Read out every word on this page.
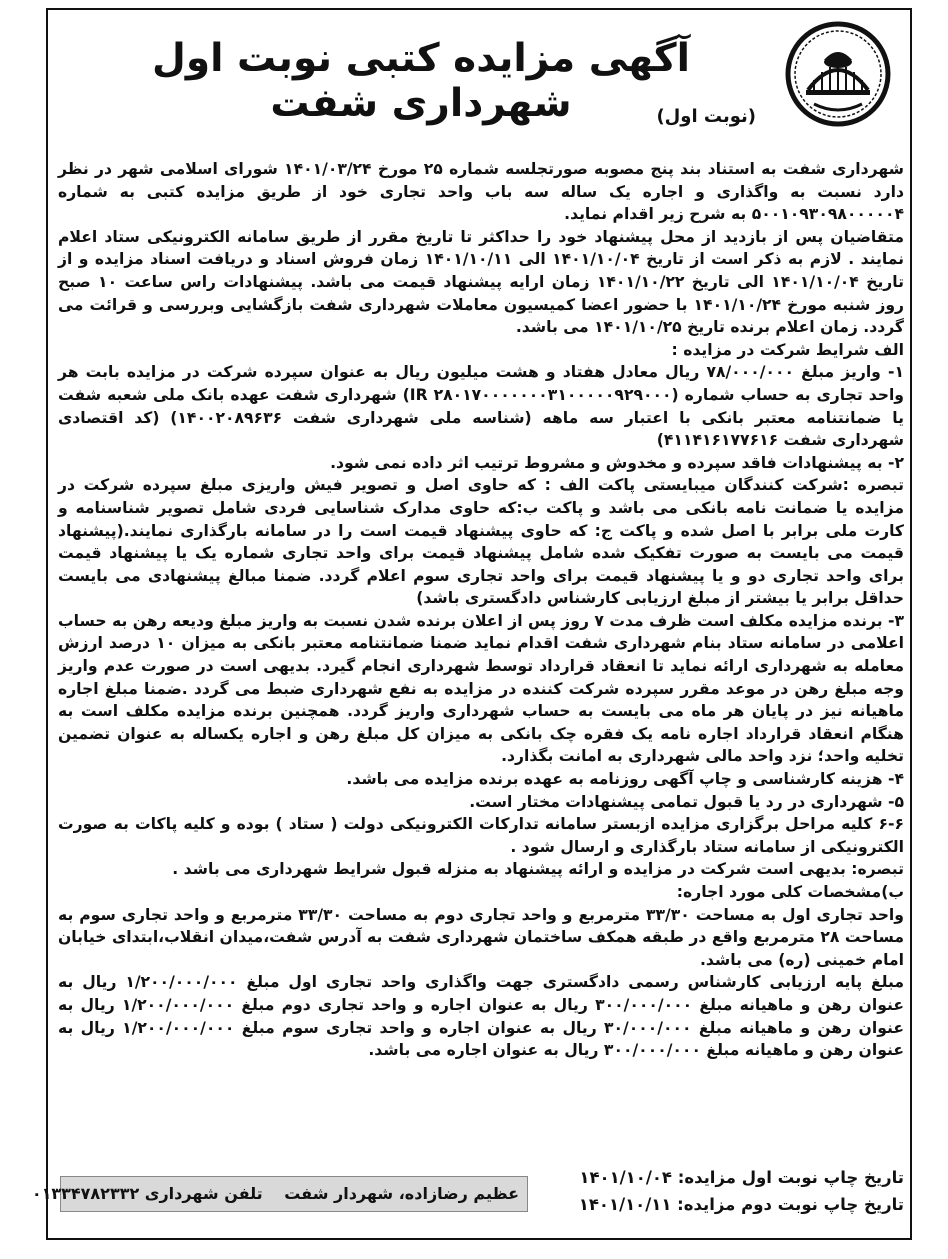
آگهی مزایده کتبی نوبت اول شهرداری شفت	(نوبت اول)

شهرداری شفت به استناد بند پنج مصوبه صورتجلسه شماره ۲۵ مورخ ۱۴۰۱/۰۳/۲۴ شورای اسلامی شهر در نظر دارد نسبت به واگذاری و اجاره یک ساله سه باب واحد تجاری خود از طریق مزایده کتبی به شماره ۵۰۰۱۰۹۳۰۹۸۰۰۰۰۰۴ به شرح زیر اقدام نماید.

متقاضیان پس از بازدید از محل پیشنهاد خود را حداکثر تا تاریخ مقرر از طریق سامانه الکترونیکی ستاد اعلام نمایند . لازم به ذکر است از تاریخ ۱۴۰۱/۱۰/۰۴ الی ۱۴۰۱/۱۰/۱۱ زمان فروش اسناد و دریافت اسناد مزایده و از تاریخ ۱۴۰۱/۱۰/۰۴ الی تاریخ ۱۴۰۱/۱۰/۲۲ زمان ارایه پیشنهاد قیمت می باشد. پیشنهادات راس ساعت ۱۰ صبح روز شنبه مورخ ۱۴۰۱/۱۰/۲۴ با حضور اعضا کمیسیون معاملات شهرداری شفت بازگشایی وبررسی و قرائت می گردد. زمان اعلام برنده تاریخ ۱۴۰۱/۱۰/۲۵ می باشد.

الف شرایط شرکت در مزایده :

۱- واریز مبلغ ۷۸/۰۰۰/۰۰۰ ریال معادل هفتاد و هشت میلیون ریال به عنوان سپرده شرکت در مزایده بابت هر واحد تجاری به حساب شماره (IR ۲۸۰۱۷۰۰۰۰۰۰۰۳۱۰۰۰۰۰۹۲۹۰۰۰) شهرداری شفت عهده بانک ملی شعبه شفت یا ضمانتنامه معتبر بانکی با اعتبار سه ماهه (شناسه ملی شهرداری شفت ۱۴۰۰۲۰۸۹۶۳۶) (کد اقتصادی شهرداری شفت ۴۱۱۴۱۶۱۷۷۶۱۶)

۲- به پیشنهادات فاقد سپرده و مخدوش و مشروط ترتیب اثر داده نمی شود.

تبصره :شرکت کنندگان میبایستی پاکت الف : که حاوی اصل و تصویر فیش واریزی مبلغ سپرده شرکت در مزایده یا ضمانت نامه بانکی می باشد و پاکت ب:که حاوی مدارک شناسایی فردی شامل تصویر شناسنامه و کارت ملی برابر با اصل شده و پاکت ج: که حاوی پیشنهاد قیمت است را در سامانه بارگذاری نمایند.(پیشنهاد قیمت می بایست به صورت تفکیک شده شامل پیشنهاد قیمت برای واحد تجاری شماره یک یا پیشنهاد قیمت برای واحد تجاری دو و یا پیشنهاد قیمت برای واحد تجاری سوم اعلام گردد. ضمنا مبالغ پیشنهادی می بایست حداقل برابر یا بیشتر از مبلغ ارزیابی کارشناس دادگستری باشد)

۳- برنده مزایده مکلف است ظرف مدت ۷ روز پس از اعلان برنده شدن نسبت به واریز مبلغ ودیعه رهن به حساب اعلامی در سامانه ستاد بنام شهرداری شفت اقدام نماید ضمنا ضمانتنامه معتبر بانکی به میزان ۱۰ درصد ارزش معامله به شهرداری ارائه نماید تا انعقاد قرارداد توسط شهرداری انجام گیرد. بدیهی است در صورت عدم واریز وجه مبلغ رهن در موعد مقرر سپرده شرکت کننده در مزایده به نفع شهرداری ضبط می گردد .ضمنا مبلغ اجاره ماهیانه نیز در پایان هر ماه می بایست به حساب شهرداری واریز گردد. همچنین برنده مزایده مکلف است به هنگام انعقاد قرارداد اجاره نامه یک فقره چک بانکی به میزان کل مبلغ رهن و اجاره یکساله به عنوان تضمین تخلیه واحد؛ نزد واحد مالی شهرداری به امانت بگذارد.

۴- هزینه کارشناسی و چاپ آگهی روزنامه به عهده برنده مزایده می باشد.

۵- شهرداری در رد یا قبول تمامی پیشنهادات مختار است.

۶-۶ کلیه مراحل برگزاری مزایده ازبستر سامانه تدارکات الکترونیکی دولت ( ستاد ) بوده و کلیه پاکات به صورت الکترونیکی از سامانه ستاد بارگذاری و ارسال شود .

تبصره: بدیهی است شرکت در مزایده و ارائه پیشنهاد به منزله قبول شرایط شهرداری می باشد .

ب)مشخصات کلی مورد اجاره:

واحد تجاری اول به مساحت ۳۳/۳۰ مترمربع و واحد تجاری دوم به مساحت ۳۳/۳۰ مترمربع و واحد تجاری سوم به مساحت ۲۸ مترمربع واقع در طبقه همکف ساختمان شهرداری شفت به آدرس شفت،میدان انقلاب،ابتدای خیابان امام خمینی (ره) می باشد.

مبلغ پایه ارزیابی کارشناس رسمی دادگستری جهت واگذاری واحد تجاری اول مبلغ ۱/۲۰۰/۰۰۰/۰۰۰ ریال به عنوان رهن و ماهیانه مبلغ ۳۰۰/۰۰۰/۰۰۰ ریال به عنوان اجاره و واحد تجاری دوم مبلغ ۱/۲۰۰/۰۰۰/۰۰۰ ریال به عنوان رهن و ماهیانه مبلغ ۳۰/۰۰۰/۰۰۰ ریال به عنوان اجاره و واحد تجاری سوم مبلغ ۱/۲۰۰/۰۰۰/۰۰۰ ریال به عنوان رهن و ماهیانه مبلغ ۳۰۰/۰۰۰/۰۰۰ ریال به عنوان اجاره می باشد.

تاریخ چاپ نوبت اول مزایده: ۱۴۰۱/۱۰/۰۴
تاریخ چاپ نوبت دوم مزایده: ۱۴۰۱/۱۰/۱۱
عظیم رضازاده، شهردار شفت تلفن شهرداری ۰۱۳۳۴۷۸۲۳۳۲
